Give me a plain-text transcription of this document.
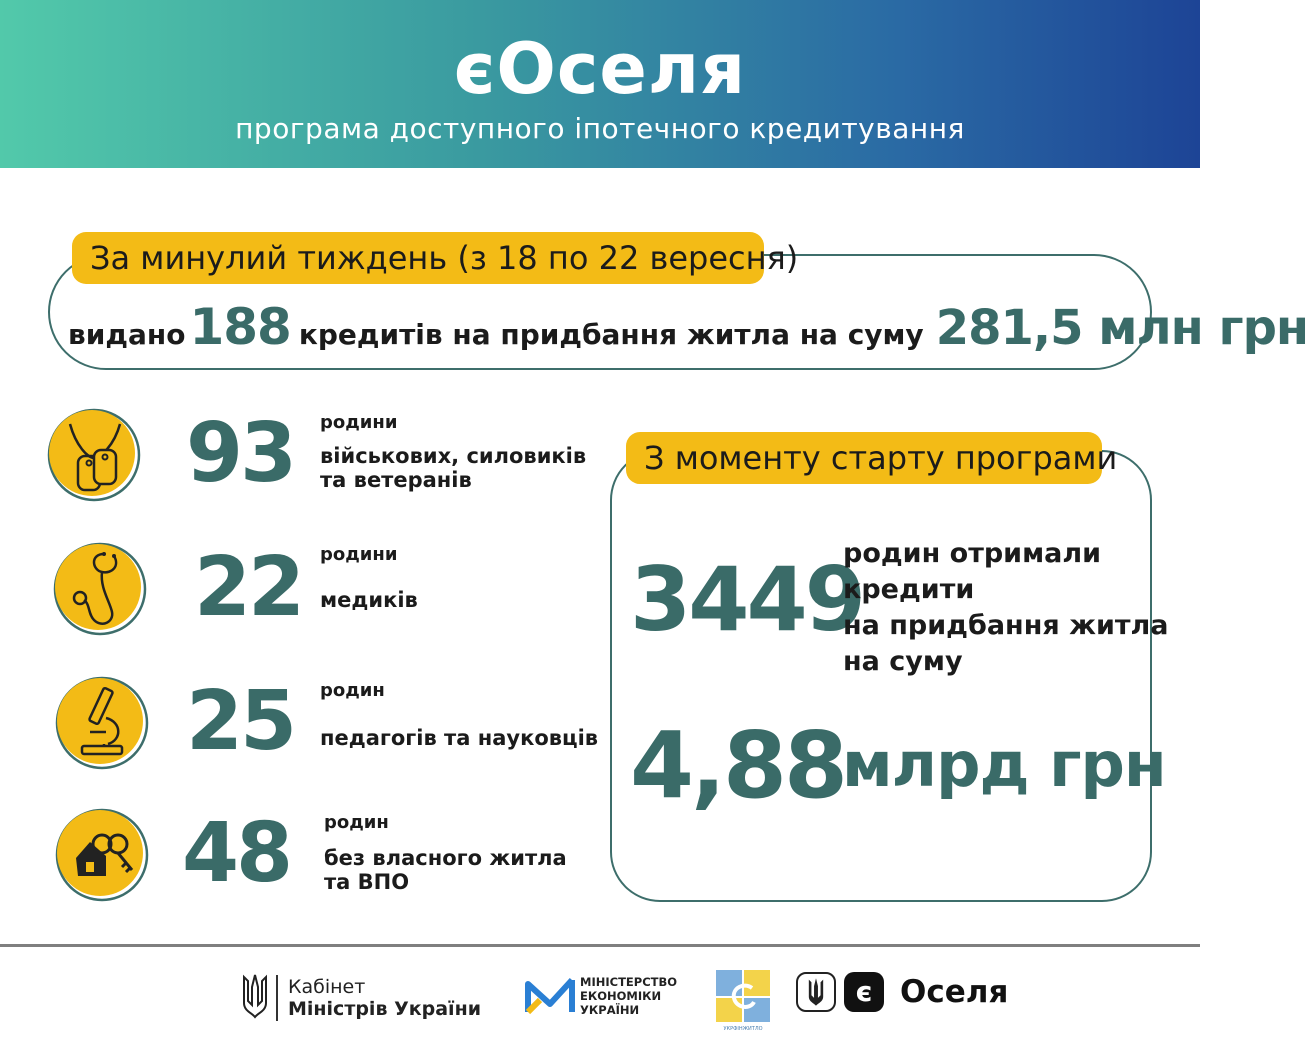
єОселя
програма доступного іпотечного кредитування
За минулий тиждень (з 18 по 22 вересня)
видано 188 кредитів на придбання житла на суму 281,5 млн грн
93 родини
військових, силовиків
та ветеранів
22 родини
медиків
25 родин
педагогів та науковців
48 родин
без власного житла
та ВПО
З моменту старту програми
3449
родин отримали
кредити
на придбання житла
на суму
4,88
млрд грн
Кабінет
Міністрів України
МІНІСТЕРСТВО
ЕКОНОМІКИ
УКРАЇНИ
УКРФІНЖИТЛО
є Оселя
